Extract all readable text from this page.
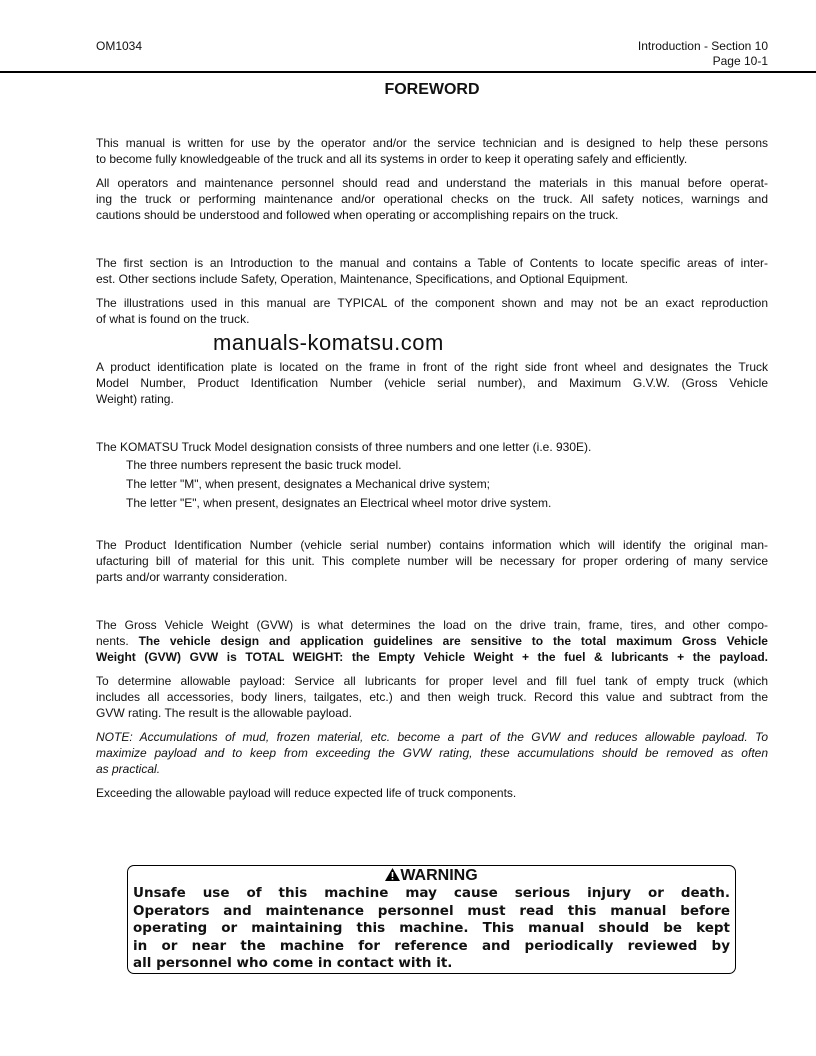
OM1034	Introduction - Section 10
Page 10-1
FOREWORD
This manual is written for use by the operator and/or the service technician and is designed to help these persons
to become fully knowledgeable of the truck and all its systems in order to keep it operating safely and efficiently.
All operators and maintenance personnel should read and understand the materials in this manual before operat-
ing the truck or performing maintenance and/or operational checks on the truck. All safety notices, warnings and
cautions should be understood and followed when operating or accomplishing repairs on the truck.
The first section is an Introduction to the manual and contains a Table of Contents to locate specific areas of inter-
est. Other sections include Safety, Operation, Maintenance, Specifications, and Optional Equipment.
The illustrations used in this manual are TYPICAL of the component shown and may not be an exact reproduction
of what is found on the truck.
manuals-komatsu.com
A product identification plate is located on the frame in front of the right side front wheel and designates the Truck
Model Number, Product Identification Number (vehicle serial number), and Maximum G.V.W. (Gross Vehicle
Weight) rating.
The KOMATSU Truck Model designation consists of three numbers and one letter (i.e. 930E).
The three numbers represent the basic truck model.
The letter "M", when present, designates a Mechanical drive system;
The letter "E", when present, designates an Electrical wheel motor drive system.
The Product Identification Number (vehicle serial number) contains information which will identify the original man-
ufacturing bill of material for this unit. This complete number will be necessary for proper ordering of many service
parts and/or warranty consideration.
The Gross Vehicle Weight (GVW) is what determines the load on the drive train, frame, tires, and other compo-
nents. The vehicle design and application guidelines are sensitive to the total maximum Gross Vehicle
Weight (GVW) GVW is TOTAL WEIGHT: the Empty Vehicle Weight + the fuel & lubricants + the payload.
To determine allowable payload: Service all lubricants for proper level and fill fuel tank of empty truck (which
includes all accessories, body liners, tailgates, etc.) and then weigh truck. Record this value and subtract from the
GVW rating. The result is the allowable payload.
NOTE: Accumulations of mud, frozen material, etc. become a part of the GVW and reduces allowable payload. To
maximize payload and to keep from exceeding the GVW rating, these accumulations should be removed as often
as practical.
Exceeding the allowable payload will reduce expected life of truck components.
WARNING
Unsafe use of this machine may cause serious injury or death.
Operators and maintenance personnel must read this manual before
operating or maintaining this machine. This manual should be kept
in or near the machine for reference and periodically reviewed by
all personnel who come in contact with it.
